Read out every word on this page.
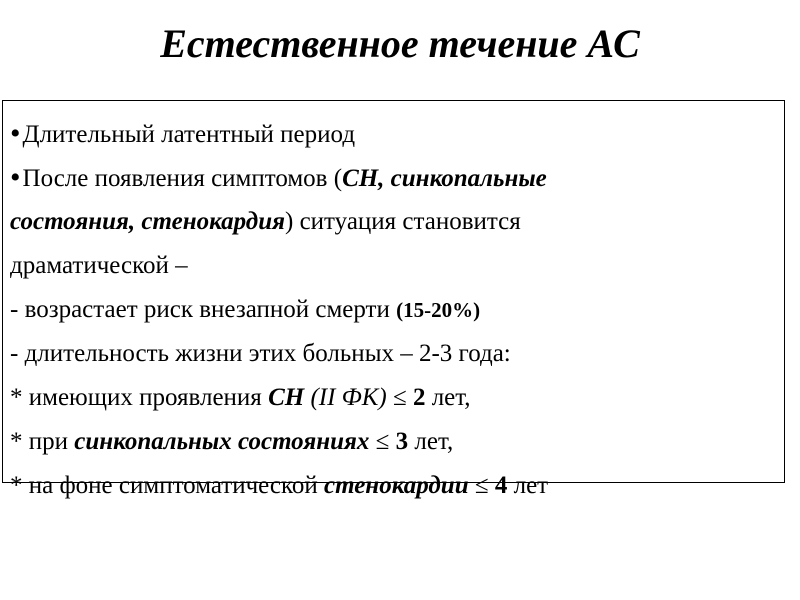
Естественное течение АС
•Длительный латентный период
•После появления симптомов (СН, синкопальные
состояния, стенокардия) ситуация становится
драматической –
- возрастает риск внезапной смерти (15-20%)
- длительность жизни этих больных – 2-3 года:
* имеющих проявления СН (II ФК) ≤ 2 лет,
* при синкопальных состояниях ≤ 3 лет,
* на фоне симптоматической стенокардии ≤ 4 лет
